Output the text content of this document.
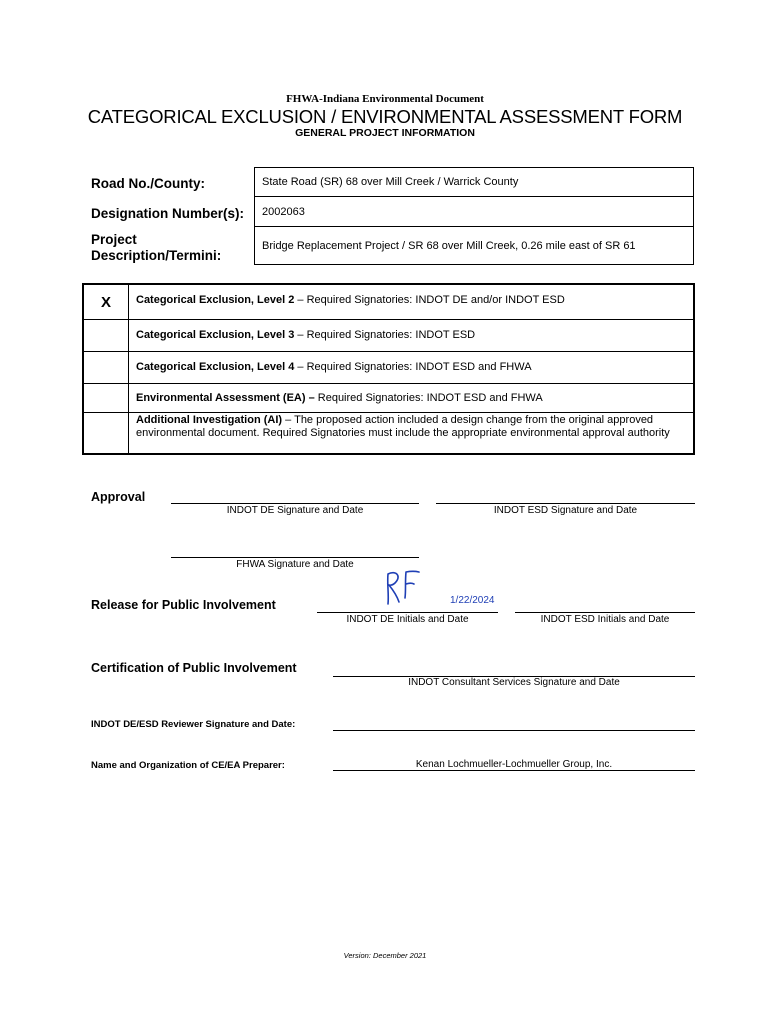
FHWA-Indiana Environmental Document
CATEGORICAL EXCLUSION / ENVIRONMENTAL ASSESSMENT FORM
GENERAL PROJECT INFORMATION
Road No./County:	State Road (SR) 68 over Mill Creek / Warrick County
Designation Number(s): 2002063
Project
Description/Termini:
Bridge Replacement Project / SR 68 over Mill Creek, 0.26 mile east of SR 61
X	Categorical Exclusion, Level 2 – Required Signatories: INDOT DE and/or INDOT ESD
Categorical Exclusion, Level 3 – Required Signatories: INDOT ESD
Categorical Exclusion, Level 4 – Required Signatories: INDOT ESD and FHWA
Environmental Assessment (EA) – Required Signatories: INDOT ESD and FHWA
Additional Investigation (AI) – The proposed action included a design change from the original approved environmental document. Required Signatories must include the appropriate environmental approval authority
Approval
INDOT DE Signature and Date	INDOT ESD Signature and Date
FHWA Signature and Date
Release for Public Involvement	1/22/2024
INDOT DE Initials and Date	INDOT ESD Initials and Date
Certification of Public Involvement
INDOT Consultant Services Signature and Date
INDOT DE/ESD Reviewer Signature and Date:
Name and Organization of CE/EA Preparer:	Kenan Lochmueller-Lochmueller Group, Inc.
Version: December 2021
